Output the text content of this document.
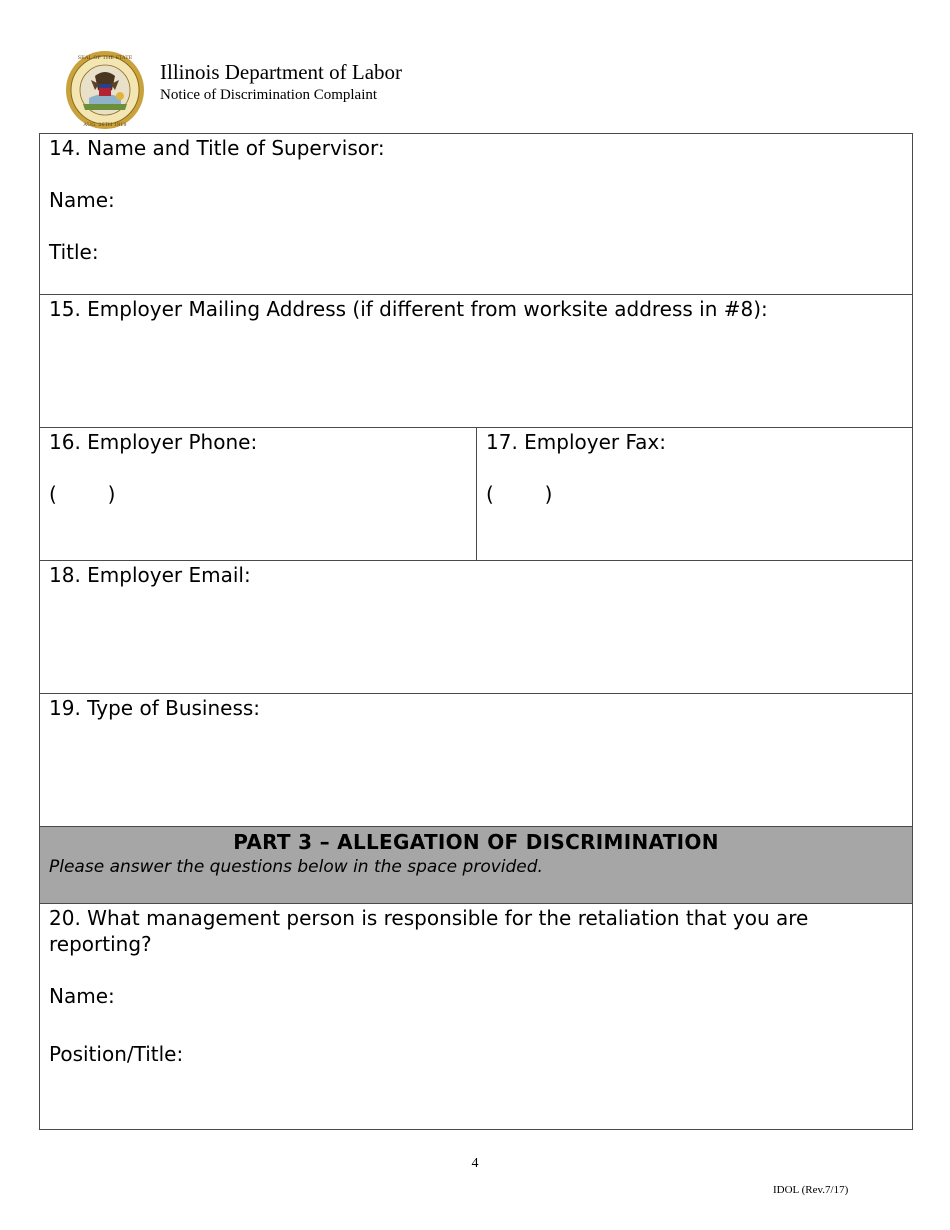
SEAL OF THE STATE
AUG. 26TH 1818
Illinois Department of Labor
Notice of Discrimination Complaint
14. Name and Title of Supervisor:
Name:
Title:
15. Employer Mailing Address (if different from worksite address in #8):
16. Employer Phone:
(        )
17. Employer Fax:
(        )
18. Employer Email:
19. Type of Business:
PART 3 – ALLEGATION OF DISCRIMINATION
Please answer the questions below in the space provided.
20. What management person is responsible for the retaliation that you are reporting?
Name:
Position/Title:
4
IDOL (Rev.7/17)
